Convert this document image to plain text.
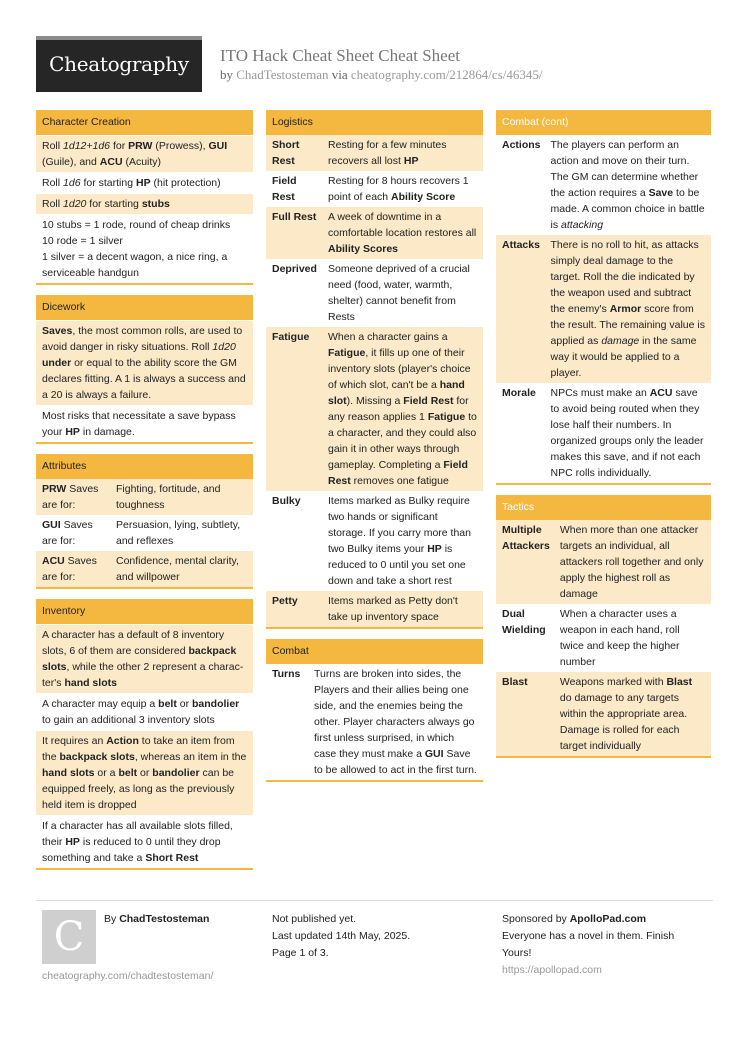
Cheatography	ITO Hack Cheat Sheet Cheat Sheet
by ChadTestosteman via cheatography.com/212864/cs/46345/
Character Creation

Roll 1d12+1d6 for PRW (Prowess), GUI (Guile), and ACU (Acuity)

Roll 1d6 for starting HP (hit protection)

Roll 1d20 for starting stubs

10 stubs = 1 rode, round of cheap drinks

10 rode = 1 silver

1 silver = a decent wagon, a nice ring, a serviceable handgun

Dicework

Saves, the most common rolls, are used to avoid danger in risky situations. Roll 1d20 under or equal to the ability score the GM declares fitting. A 1 is always a success and a 20 is always a failure.

Most risks that necessitate a save bypass your HP in damage.

Attributes
PRW Saves are for:	Fighting, fortitude, and toughness
GUI Saves are for:	Persuasion, lying, subtlety, and reflexes
ACU Saves are for:	Confidence, mental clarity, and willpower
Inventory

A character has a default of 8 inventory slots, 6 of them are considered backpack slots, while the other 2 represent a character's hand slots

A character may equip a belt or bandolier to gain an additional 3 inventory slots

It requires an Action to take an item from the backpack slots, whereas an item in the hand slots or a belt or bandolier can be equipped freely, as long as the previously held item is dropped

If a character has all available slots filled, their HP is reduced to 0 until they drop something and take a Short Rest

Logistics
Short Rest	Resting for a few minutes recovers all lost HP
Field Rest	Resting for 8 hours recovers 1 point of each Ability Score
Full Rest	A week of downtime in a comfortable location restores all Ability Scores
Deprived	Someone deprived of a crucial need (food, water, warmth, shelter) cannot benefit from Rests
Fatigue	When a character gains a Fatigue, it fills up one of their inventory slots (player's choice of which slot, can't be a hand slot). Missing a Field Rest for any reason applies 1 Fatigue to a character, and they could also gain it in other ways through gameplay. Completing a Field Rest removes one fatigue
Bulky	Items marked as Bulky require two hands or significant storage. If you carry more than two Bulky items your HP is reduced to 0 until you set one down and take a short rest
Petty	Items marked as Petty don't take up inventory space
Combat
Turns	Turns are broken into sides, the Players and their allies being one side, and the enemies being the other. Player characters always go first unless surprised, in which case they must make a GUI Save to be allowed to act in the first turn.
Combat (cont)
Actions	The players can perform an action and move on their turn. The GM can determine whether the action requires a Save to be made. A common choice in battle is attacking
Attacks	There is no roll to hit, as attacks simply deal damage to the target. Roll the die indicated by the weapon used and subtract the enemy's Armor score from the result. The remaining value is applied as damage in the same way it would be applied to a player.
Morale	NPCs must make an ACU save to avoid being routed when they lose half their numbers. In organized groups only the leader makes this save, and if not each NPC rolls individually.
Tactics
Multiple Attackers	When more than one attacker targets an individual, all attackers roll together and only apply the highest roll as damage
Dual Wielding	When a character uses a weapon in each hand, roll twice and keep the higher number
Blast	Weapons marked with Blast do damage to any targets within the appropriate area. Damage is rolled for each target individually
C	By ChadTestosteman
cheatography.com/chadtestosteman/
Not published yet.
Last updated 14th May, 2025.
Page 1 of 3.
Sponsored by ApolloPad.com
Everyone has a novel in them. Finish Yours!
https://apollopad.com
